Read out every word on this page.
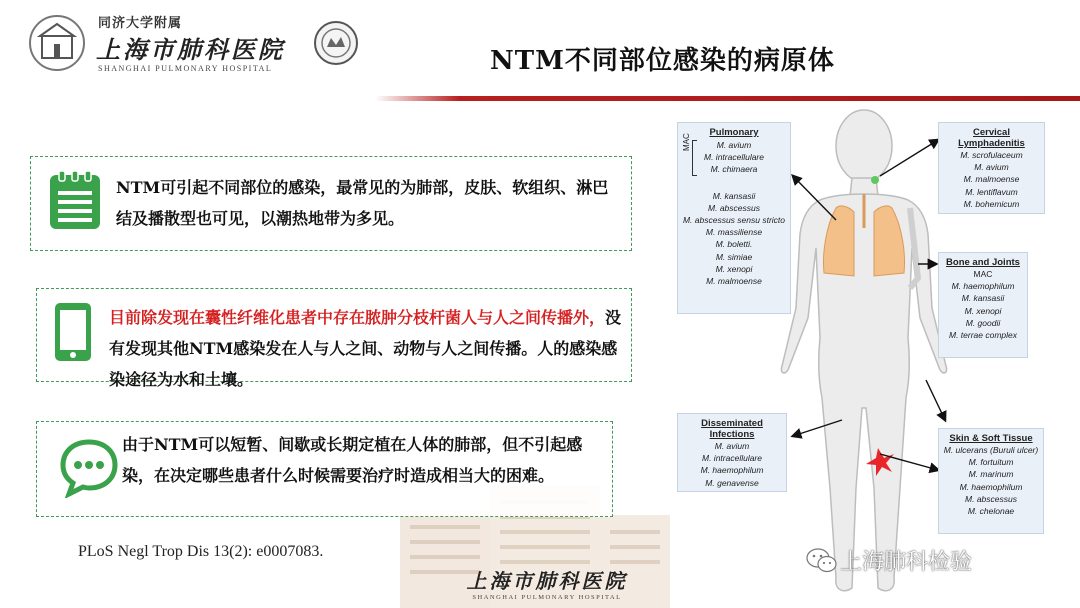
同济大学附属
上海市肺科医院
SHANGHAI PULMONARY HOSPITAL	NTM不同部位感染的病原体
NTM可引起不同部位的感染，最常见的为肺部，皮肤、软组织、淋巴结及播散型也可见，以潮热地带为多见。
目前除发现在囊性纤维化患者中存在脓肿分枝杆菌人与人之间传播外，没有发现其他NTM感染发在人与人之间、动物与人之间传播。人的感染感染途径为水和土壤。
由于NTM可以短暂、间歇或长期定植在人体的肺部，但不引起感染，在决定哪些患者什么时候需要治疗时造成相当大的困难。
Pulmonary
MAC	M. avium
M. intracellulare
M. chimaera
M. kansasii
M. abscessus
M. abscessus sensu stricto
M. massiliense
M. boletti.
M. simiae
M. xenopi
M. malmoense
Cervical Lymphadenitis
M. scrofulaceum
M. avium
M. malmoense
M. lentiflavum
M. bohemicum
Bone and Joints
MAC
M. haemophilum
M. kansasii
M. xenopi
M. goodii
M. terrae complex
Disseminated Infections
M. avium
M. intracellulare
M. haemophilum
M. genavense
Skin & Soft Tissue
M. ulcerans (Buruli ulcer)
M. fortuitum
M. marinum
M. haemophilum
M. abscessus
M. chelonae
PLoS Negl Trop Dis 13(2): e0007083.
上海市肺科医院
SHANGHAI PULMONARY HOSPITAL
上海肺科检验
